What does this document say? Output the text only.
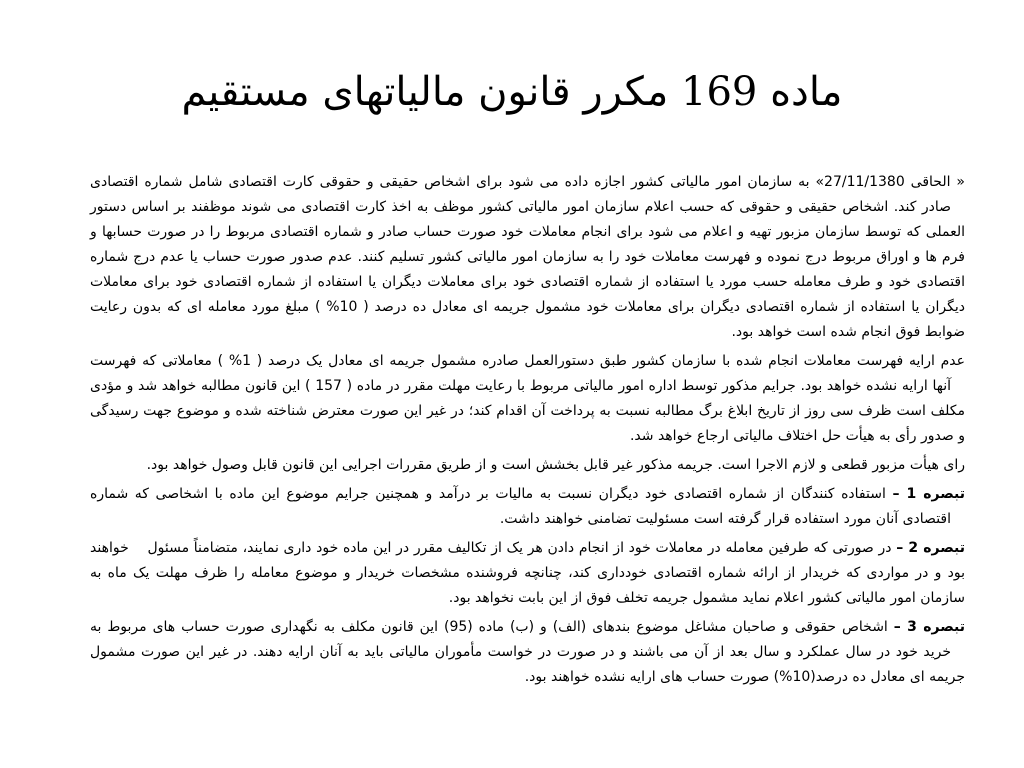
ماده 169 مکرر قانون مالیاتهای مستقیم

« الحاقی 27/11/1380» به سازمان امور مالیاتی کشور اجازه داده می شود برای اشخاص حقیقی و حقوقی کارت اقتصادی شامل شماره اقتصادی صادر کند. اشخاص حقیقی و حقوقی که حسب اعلام سازمان امور مالیاتی کشور موظف به اخذ کارت اقتصادی می شوند موظفند بر اساس دستور العملی که توسط سازمان مزبور تهیه و اعلام می شود برای انجام معاملات خود صورت حساب صادر و شماره اقتصادی مربوط را در صورت حسابها و فرم ها و اوراق مربوط درج نموده و فهرست معاملات خود را به سازمان امور مالیاتی کشور تسلیم کنند. عدم صدور صورت حساب یا عدم درج شماره اقتصادی خود و طرف معامله حسب مورد یا استفاده از شماره اقتصادی خود برای معاملات دیگران یا استفاده از شماره اقتصادی خود برای معاملات دیگران یا استفاده از شماره اقتصادی دیگران برای معاملات خود مشمول جریمه ای معادل ده درصد ( 10% ) مبلغ مورد معامله ای که بدون رعایت ضوابط فوق انجام شده است خواهد بود.

عدم ارایه فهرست معاملات انجام شده با سازمان کشور طبق دستورالعمل صادره مشمول جریمه ای معادل یک درصد ( 1% ) معاملاتی که فهرست آنها ارایه نشده خواهد بود. جرایم مذکور توسط اداره امور مالیاتی مربوط با رعایت مهلت مقرر در ماده ( 157 ) این قانون مطالبه خواهد شد و مؤدی مکلف است ظرف سی روز از تاریخ ابلاغ برگ مطالبه نسبت به پرداخت آن اقدام کند؛ در غیر این صورت معترض شناخته شده و موضوع جهت رسیدگی و صدور رأی به هیأت حل اختلاف مالیاتی ارجاع خواهد شد.

رای هیأت مزبور قطعی و لازم الاجرا است. جریمه مذکور غیر قابل بخشش است و از طریق مقررات اجرایی این قانون قابل وصول خواهد بود.

تبصره 1 – استفاده کنندگان از شماره اقتصادی خود دیگران نسبت به مالیات بر درآمد و همچنین جرایم موضوع این ماده با اشخاصی که شماره اقتصادی آنان مورد استفاده قرار گرفته است مسئولیت تضامنی خواهند داشت.

تبصره 2 – در صورتی که طرفین معامله در معاملات خود از انجام دادن هر یک از تکالیف مقرر در این ماده خود داری نمایند، متضامناً مسئول خواهند بود و در مواردی که خریدار از ارائه شماره اقتصادی خودداری کند، چنانچه فروشنده مشخصات خریدار و موضوع معامله را ظرف مهلت یک ماه به سازمان امور مالیاتی کشور اعلام نماید مشمول جریمه تخلف فوق از این بابت نخواهد بود.

تبصره 3 – اشخاص حقوقی و صاحبان مشاغل موضوع بندهای (الف) و (ب) ماده (95) این قانون مکلف به نگهداری صورت حساب های مربوط به خرید خود در سال عملکرد و سال بعد از آن می باشند و در صورت در خواست مأموران مالیاتی باید به آنان ارایه دهند. در غیر این صورت مشمول جریمه ای معادل ده درصد(10%) صورت حساب های ارایه نشده خواهند بود.
